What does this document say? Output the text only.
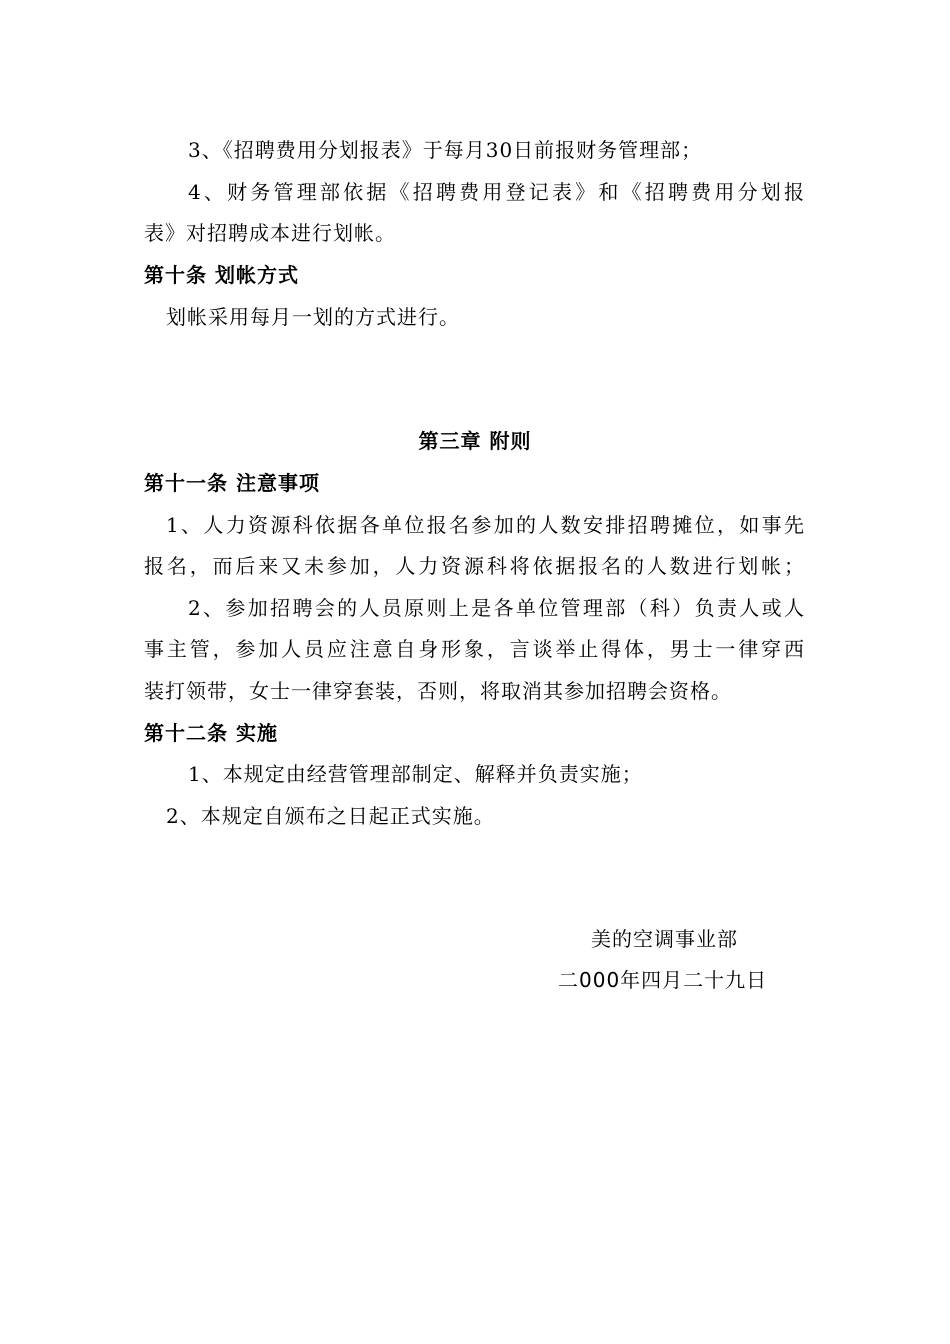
3、《招聘费用分划报表》于每月30日前报财务管理部；
4、财务管理部依据《招聘费用登记表》和《招聘费用分划报
表》对招聘成本进行划帐。
第十条 划帐方式
划帐采用每月一划的方式进行。
第三章 附则
第十一条 注意事项
1、人力资源科依据各单位报名参加的人数安排招聘摊位，如事先
报名，而后来又未参加，人力资源科将依据报名的人数进行划帐；
2、参加招聘会的人员原则上是各单位管理部（科）负责人或人
事主管，参加人员应注意自身形象，言谈举止得体，男士一律穿西
装打领带，女士一律穿套装，否则，将取消其参加招聘会资格。
第十二条 实施
1、本规定由经营管理部制定、解释并负责实施；
2、本规定自颁布之日起正式实施。
美的空调事业部
二000年四月二十九日
